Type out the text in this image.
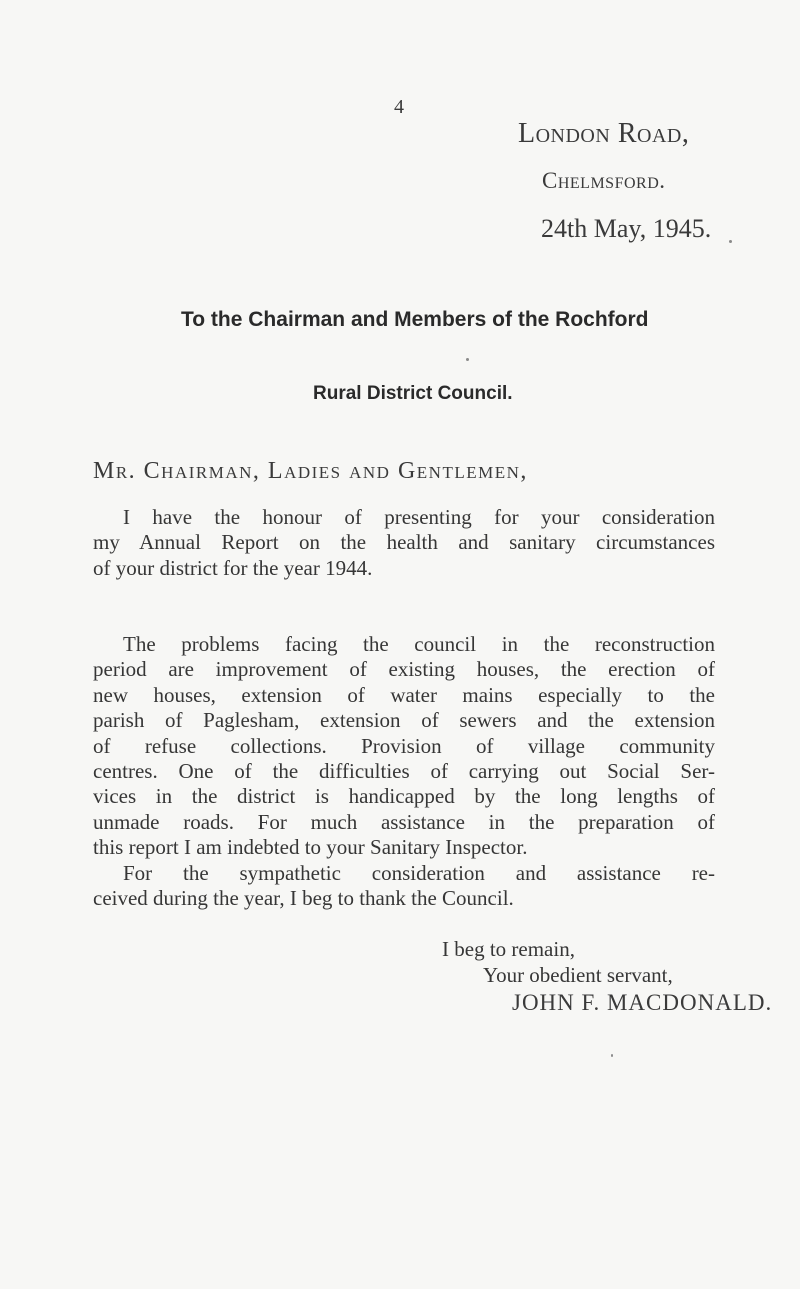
4
London Road,
Chelmsford.
24th May, 1945.
To the Chairman and Members of the Rochford
Rural District Council.
Mr. Chairman, Ladies and Gentlemen,
I have the honour of presenting for your consideration
my Annual Report on the health and sanitary circumstances
of your district for the year 1944.
The problems facing the council in the reconstruction
period are improvement of existing houses, the erection of
new houses, extension of water mains especially to the
parish of Paglesham, extension of sewers and the extension
of refuse collections. Provision of village community
centres. One of the difficulties of carrying out Social Ser-
vices in the district is handicapped by the long lengths of
unmade roads. For much assistance in the preparation of
this report I am indebted to your Sanitary Inspector.
For the sympathetic consideration and assistance re-
ceived during the year, I beg to thank the Council.
I beg to remain,
Your obedient servant,
JOHN F. MACDONALD.
